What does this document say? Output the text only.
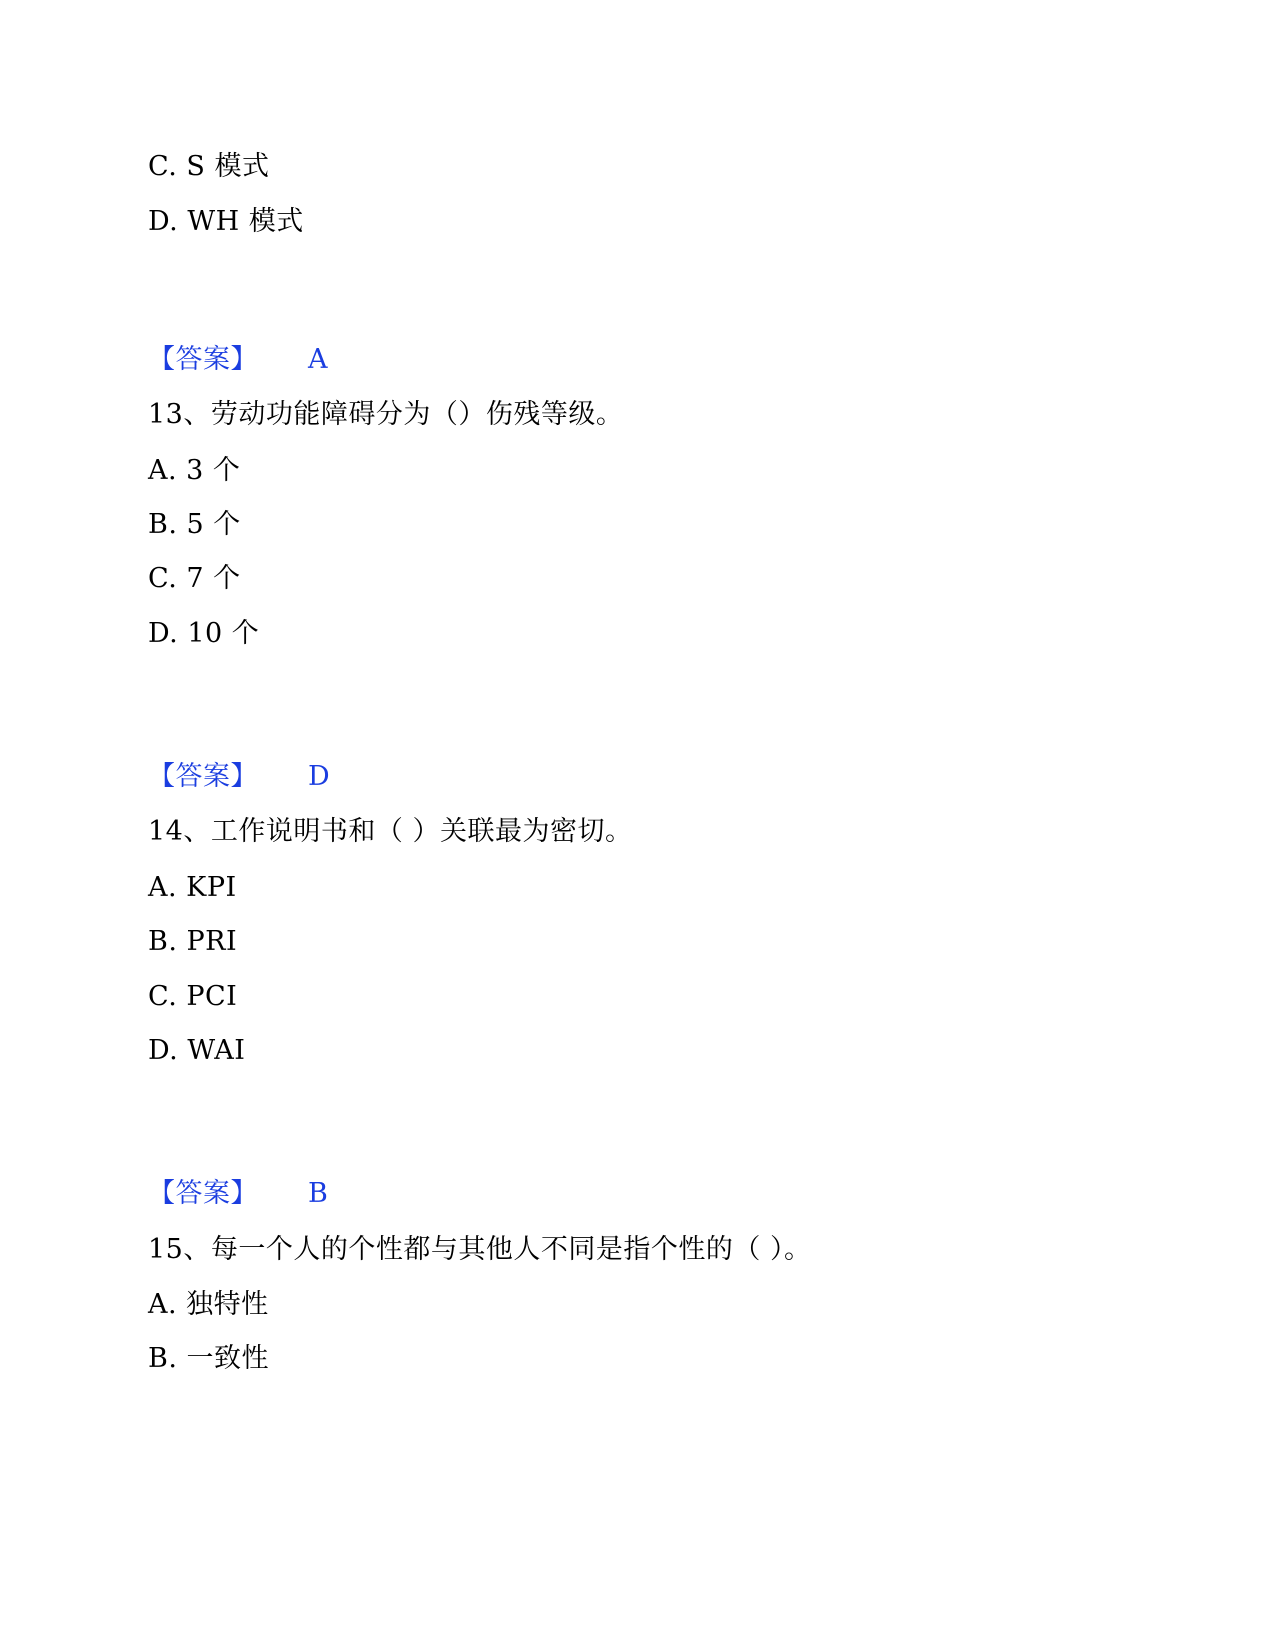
C. S 模式
D. WH 模式
【答案】 A
13、劳动功能障碍分为（）伤残等级。
A. 3 个
B. 5 个
C. 7 个
D. 10 个
【答案】 D
14、工作说明书和（ ）关联最为密切。
A. KPI
B. PRI
C. PCI
D. WAI
【答案】 B
15、每一个人的个性都与其他人不同是指个性的（ ）。
A. 独特性
B. 一致性
